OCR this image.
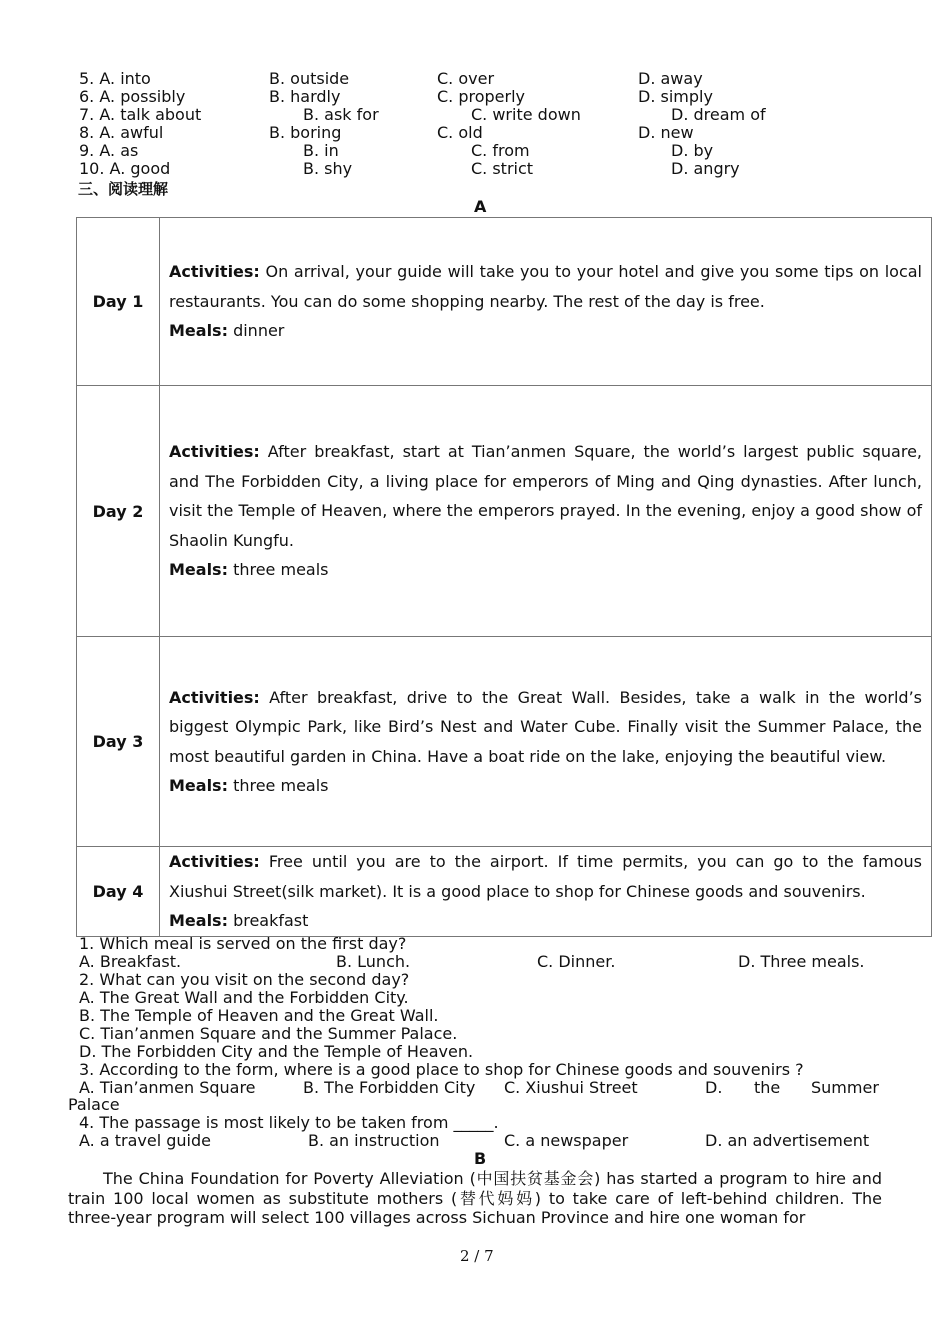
5. A. into	B. outside	C. over	D. away
6. A. possibly	B. hardly	C. properly	D. simply
7. A. talk about	B. ask for	C. write down	D. dream of
8. A. awful	B. boring	C. old	D. new
9. A. as	B. in	C. from	D. by
10. A. good	B. shy	C. strict	D. angry
三、阅读理解
A
Day 1	Activities: On arrival, your guide will take you to your hotel and give you some tips on local restaurants. You can do some shopping nearby. The rest of the day is free.
Meals: dinner

Day 2	Activities: After breakfast, start at Tian’anmen Square, the world’s largest public square, and The Forbidden City, a living place for emperors of Ming and Qing dynasties. After lunch, visit the Temple of Heaven, where the emperors prayed. In the evening, enjoy a good show of Shaolin Kungfu.
Meals: three meals

Day 3	Activities: After breakfast, drive to the Great Wall. Besides, take a walk in the world’s biggest Olympic Park, like Bird’s Nest and Water Cube. Finally visit the Summer Palace, the most beautiful garden in China. Have a boat ride on the lake, enjoying the beautiful view.
Meals: three meals

Day 4	Activities: Free until you are to the airport. If time permits, you can go to the famous Xiushui Street(silk market). It is a good place to shop for Chinese goods and souvenirs.
Meals: breakfast
1. Which meal is served on the first day?
A. Breakfast.	B. Lunch.	C. Dinner.	D. Three meals.
2. What can you visit on the second day?
A. The Great Wall and the Forbidden City.
B. The Temple of Heaven and the Great Wall.
C. Tian’anmen Square and the Summer Palace.
D. The Forbidden City and the Temple of Heaven.
3. According to the form, where is a good place to shop for Chinese goods and souvenirs ?
A. Tian’anmen Square	B. The Forbidden City C. Xiushui Street	D. the Summer
Palace
4. The passage is most likely to be taken from _____.
A. a travel guide	B. an instruction	C. a newspaper	D. an advertisement
B
The China Foundation for Poverty Alleviation (中国扶贫基金会) has started a program to hire and train 100 local women as substitute mothers (替代妈妈) to take care of left-behind children. The three-year program will select 100 villages across Sichuan Province and hire one woman for
2 / 7
